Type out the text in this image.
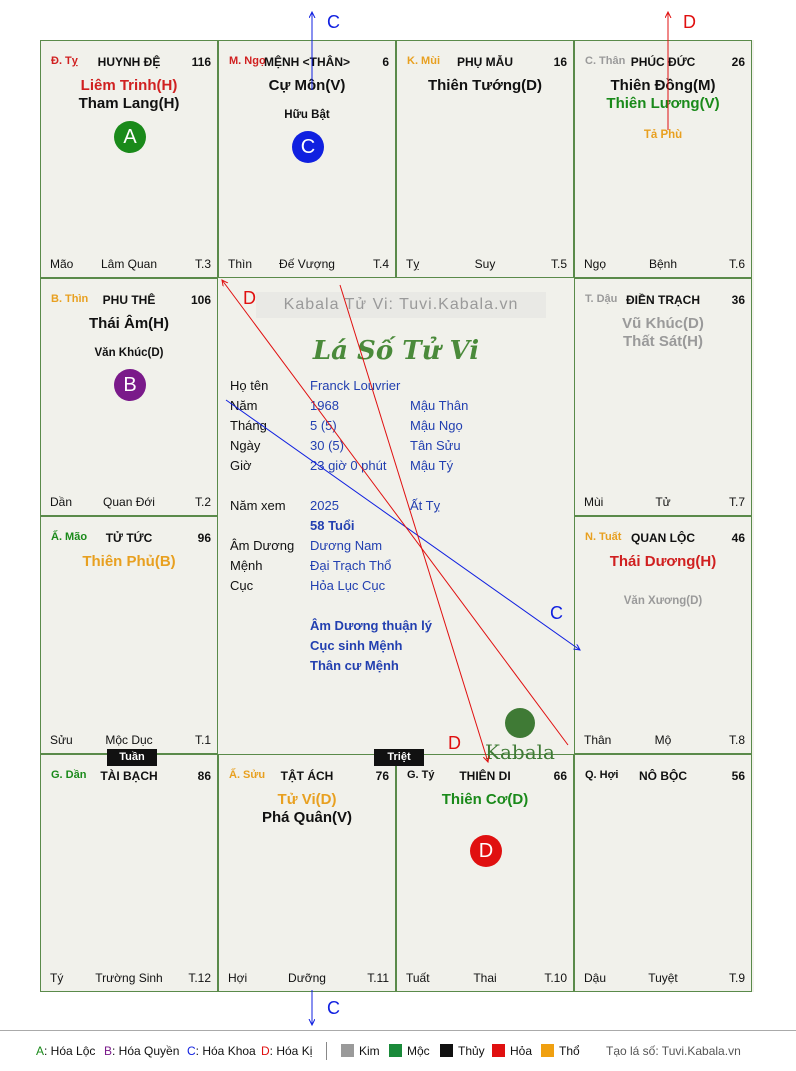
Đ. Tỵ	HUYNH ĐỆ	116
Liêm Trinh(H)
Tham Lang(H)
A
Mão	Lâm Quan	T.3
M. Ngọ
MỆNH <THÂN>	6
Cự Môn(V)
Hữu Bật
C
Thìn	Đế Vượng	T.4
K. Mùi	PHỤ MẪU	16
Thiên Tướng(D)
Tỵ	Suy	T.5
C. Thân PHÚC ĐỨC	26
Thiên Đồng(M)
Thiên Lương(V)
Tả Phù
Ngọ	Bệnh	T.6
B. Thìn	PHU THÊ	106
Thái Âm(H)
Văn Khúc(D)
B
Dần	Quan Đới	T.2
T. Dậu ĐIỀN TRẠCH	36
Vũ Khúc(D)
Thất Sát(H)
Mùi	Tử	T.7
Ấ. Mão	TỬ TỨC	96
Thiên Phủ(B)
Sửu	Mộc Dục	T.1
N. Tuất QUAN LỘC	46
Thái Dương(H)
Văn Xương(D)
Thân	Mộ	T.8
G. Dần	TÀI BẠCH	86
Tý	Trường Sinh	T.12
Ấ. Sửu	TẬT ÁCH	76
Tử Vi(D)
Phá Quân(V)
Hợi	Dưỡng	T.11
G. Tý	THIÊN DI	66
Thiên Cơ(D)
D
Tuất	Thai	T.10
Q. Hợi	NÔ BỘC	56
Dậu	Tuyệt	T.9
Kabala Tử Vi: Tuvi.Kabala.vn
Lá Số Tử Vi
Họ tên	Franck Louvrier
Năm	1968	Mậu Thân
Tháng	5 (5)	Mậu Ngọ
Ngày	30 (5)	Tân Sửu
Giờ	23 giờ 0 phút Mậu Tý
Năm xem 2025	Ất Tỵ
58 Tuổi
Âm Dương Dương Nam
Mệnh	Đại Trạch Thổ
Cục	Hỏa Lục Cục
Âm Dương thuận lý
Cục sinh Mệnh
Thân cư Mệnh
Kabala
Tuần	Triệt
C
C
C
D
D
D
A: Hóa Lộc B: Hóa Quyền C: Hóa Khoa D: Hóa Kị	Kim	Mộc	Thủy	Hỏa	Thổ Tạo lá số: Tuvi.Kabala.vn
